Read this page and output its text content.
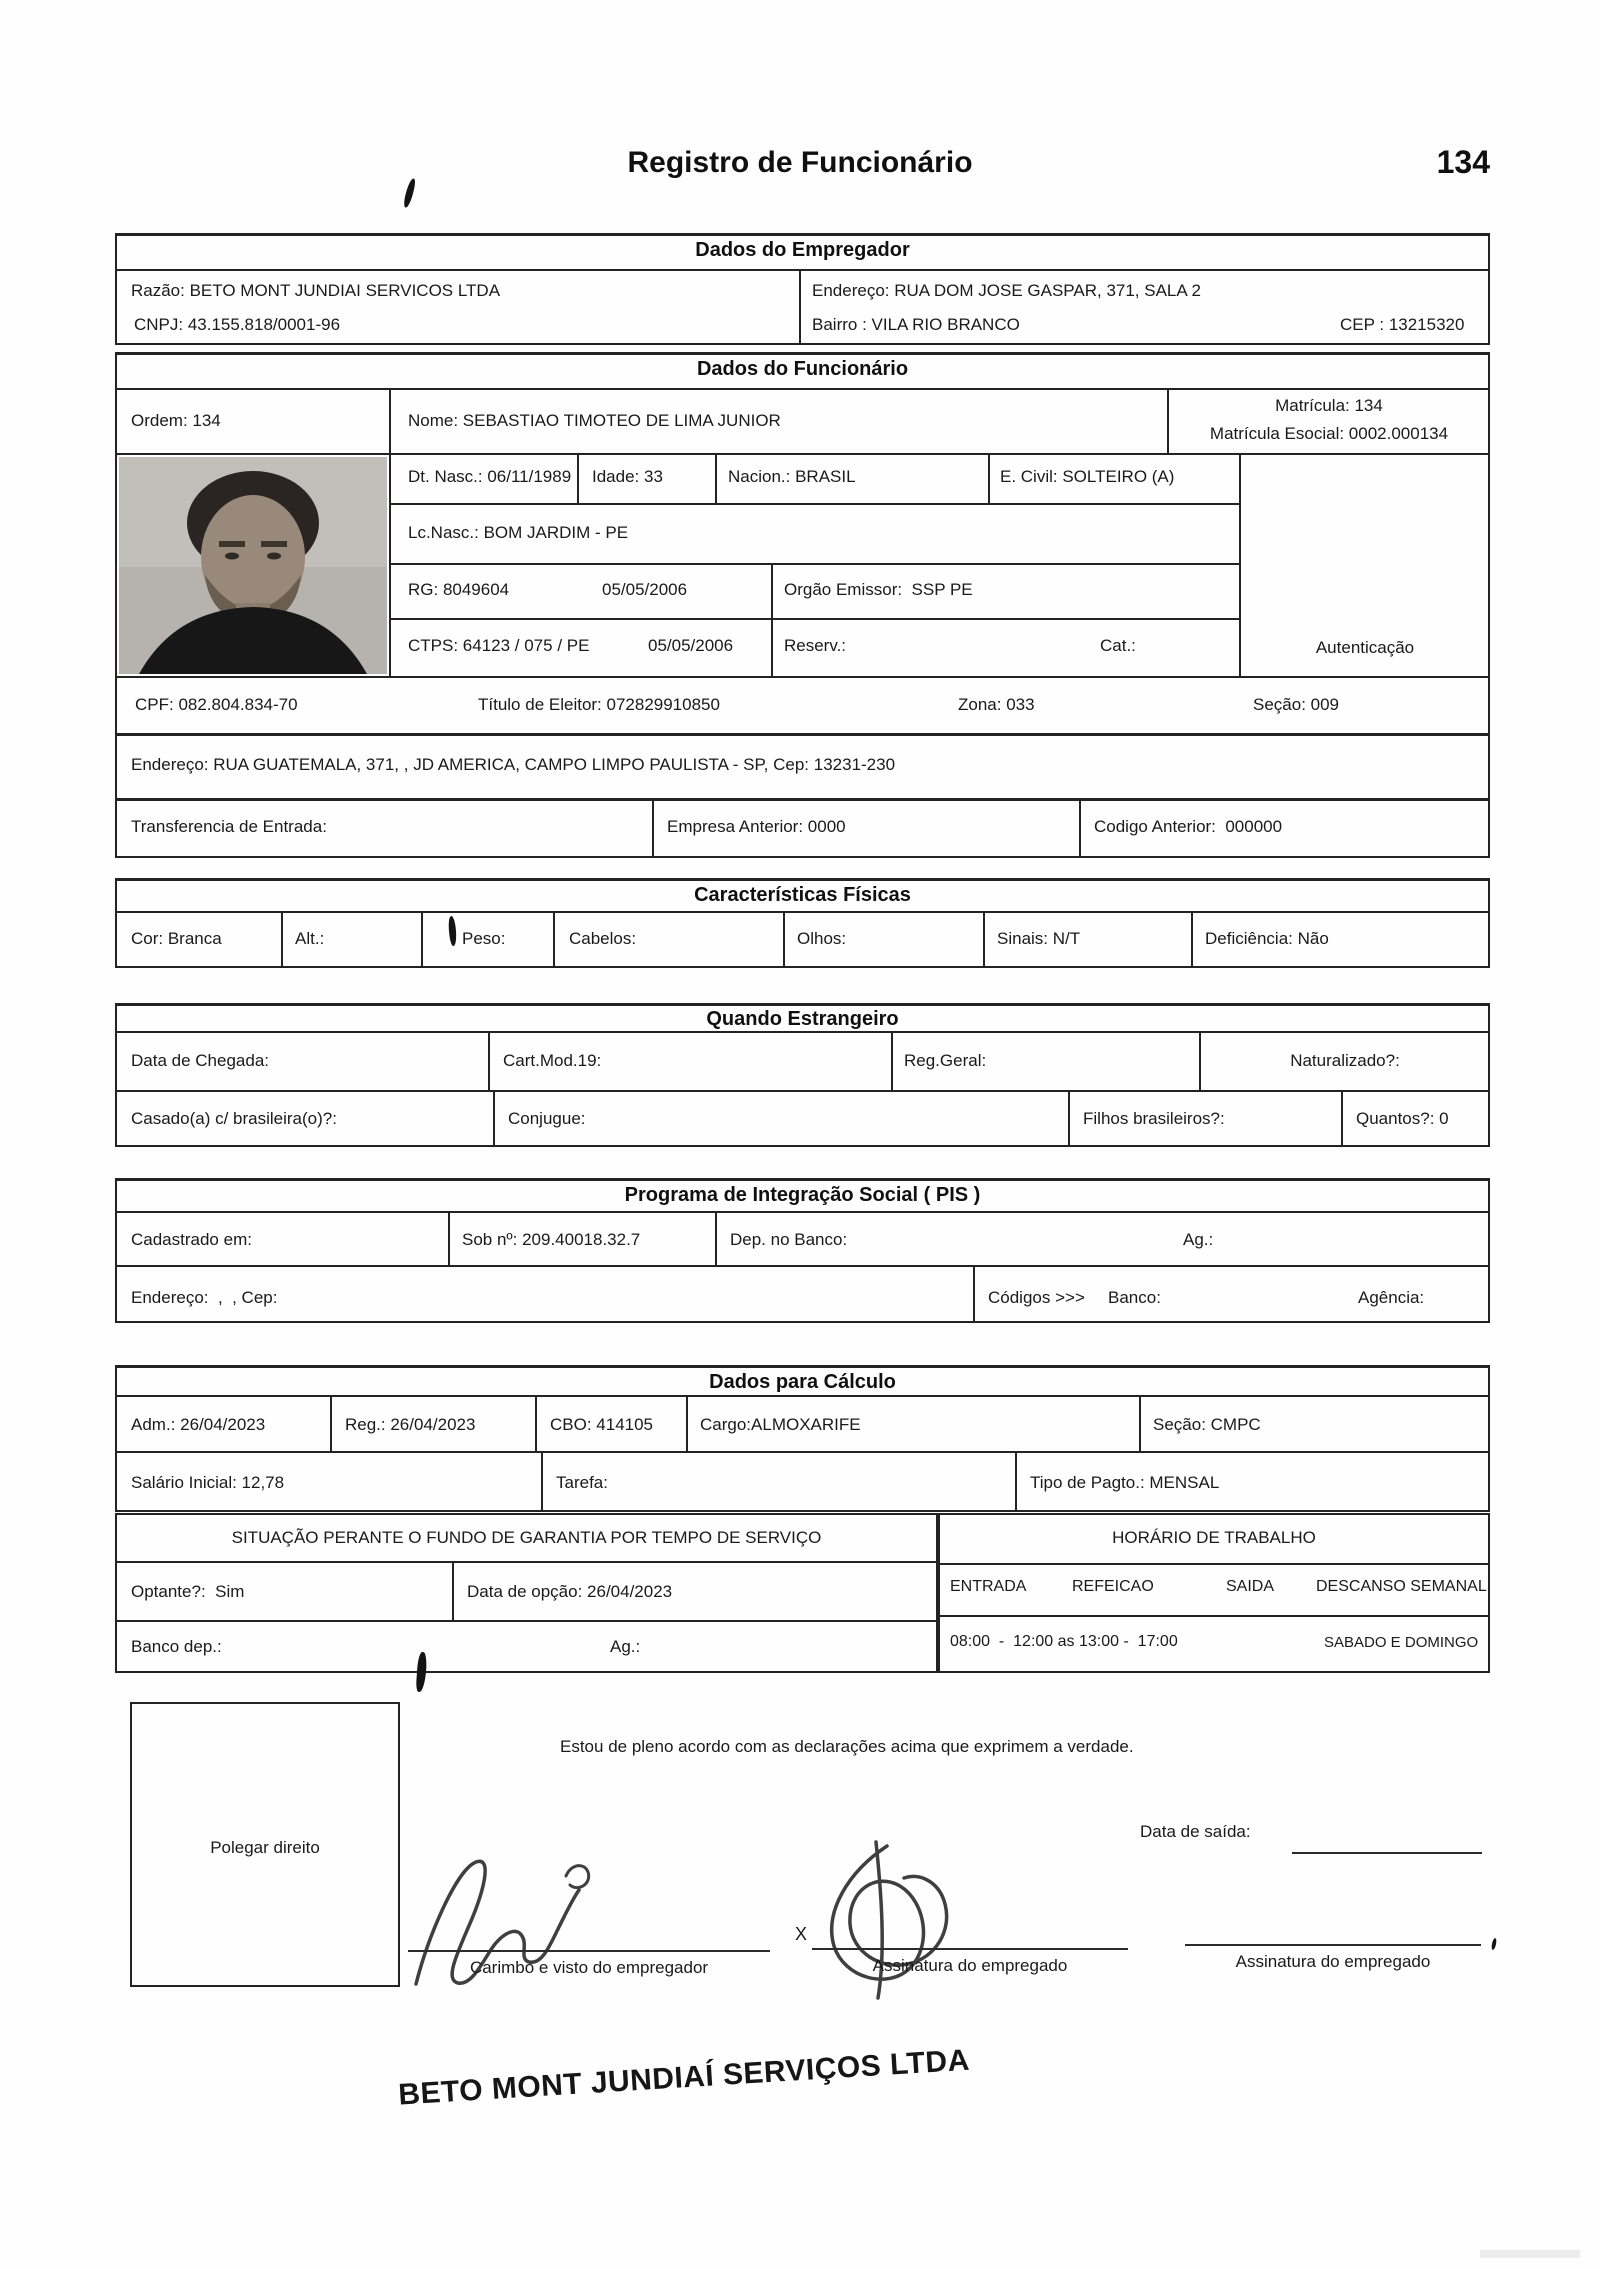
Registro de Funcionário	134
Dados do Empregador
Razão: BETO MONT JUNDIAI SERVICOS LTDA
CNPJ: 43.155.818/0001-96
Endereço: RUA DOM JOSE GASPAR, 371, SALA 2
Bairro : VILA RIO BRANCO	CEP : 13215320
Dados do Funcionário
Ordem: 134	Nome: SEBASTIAO TIMOTEO DE LIMA JUNIOR
Matrícula: 134
Matrícula Esocial: 0002.000134
Dt. Nasc.: 06/11/1989 Idade: 33	Nacion.: BRASIL	E. Civil: SOLTEIRO (A)
Lc.Nasc.: BOM JARDIM - PE
RG: 8049604	05/05/2006	Orgão Emissor:  SSP PE
CTPS: 64123 / 075 / PE	05/05/2006	Reserv.:	Cat.:	Autenticação
CPF: 082.804.834-70	Título de Eleitor: 072829910850	Zona: 033	Seção: 009
Endereço: RUA GUATEMALA, 371, , JD AMERICA, CAMPO LIMPO PAULISTA - SP, Cep: 13231-230
Transferencia de Entrada:	Empresa Anterior: 0000	Codigo Anterior:  000000
Características Físicas
Cor: Branca	Alt.:	Peso:	Cabelos:	Olhos:	Sinais: N/T	Deficiência: Não
Quando Estrangeiro
Data de Chegada:	Cart.Mod.19:	Reg.Geral:	Naturalizado?:
Casado(a) c/ brasileira(o)?:	Conjugue:	Filhos brasileiros?:	Quantos?: 0
Programa de Integração Social ( PIS )
Cadastrado em:	Sob nº: 209.40018.32.7	Dep. no Banco:	Ag.:
Endereço:  ,  , Cep:	Códigos >>> Banco:	Agência:
Dados para Cálculo
Adm.: 26/04/2023	Reg.: 26/04/2023	CBO: 414105	Cargo:ALMOXARIFE	Seção: CMPC
Salário Inicial: 12,78	Tarefa:	Tipo de Pagto.: MENSAL
SITUAÇÃO PERANTE O FUNDO DE GARANTIA POR TEMPO DE SERVIÇO
Optante?:  Sim	Data de opção: 26/04/2023
Banco dep.:	Ag.:
HORÁRIO DE TRABALHO
ENTRADA	REFEICAO	SAIDA	DESCANSO SEMANAL
08:00  -  12:00 as 13:00 -  17:00	SABADO E DOMINGO
Polegar direito
Estou de pleno acordo com as declarações acima que exprimem a verdade.
Data de saída:
Carimbo e visto do empregador
X
Assinatura do empregado	Assinatura do empregado
BETO MONT JUNDIAÍ SERVIÇOS LTDA
